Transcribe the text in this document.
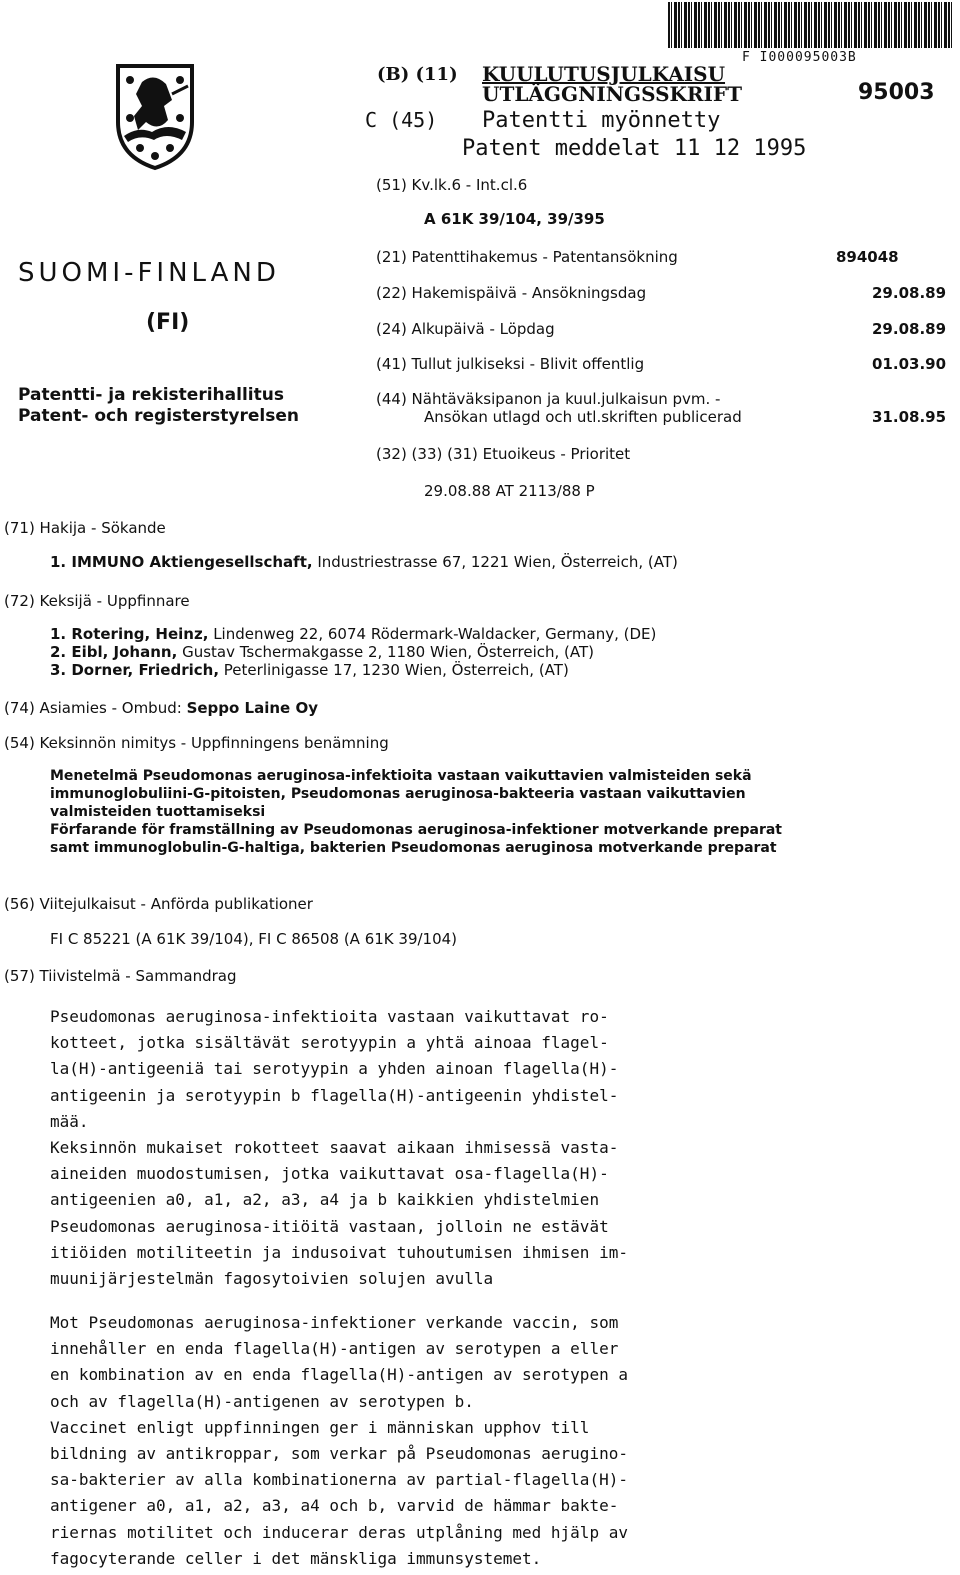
F I000095003B
(B) (11) KUULUTUSJULKAISU
UTLÄGGNINGSSKRIFT	95003
C (45) Patentti myönnetty
Patent meddelat 11 12 1995
(51) Kv.lk.6 - Int.cl.6
A 61K 39/104, 39/395
SUOMI-FINLAND
(FI)
Patentti- ja rekisterihallitus
Patent- och registerstyrelsen
(21) Patenttihakemus - Patentansökning	894048
(22) Hakemispäivä - Ansökningsdag	29.08.89
(24) Alkupäivä - Löpdag	29.08.89
(41) Tullut julkiseksi - Blivit offentlig	01.03.90
(44) Nähtäväksipanon ja kuul.julkaisun pvm. -
Ansökan utlagd och utl.skriften publicerad	31.08.95
(32) (33) (31) Etuoikeus - Prioritet
29.08.88 AT 2113/88 P
(71) Hakija - Sökande
1. IMMUNO Aktiengesellschaft, Industriestrasse 67, 1221 Wien, Österreich, (AT)
(72) Keksijä - Uppfinnare
1. Rotering, Heinz, Lindenweg 22, 6074 Rödermark-Waldacker, Germany, (DE)
2. Eibl, Johann, Gustav Tschermakgasse 2, 1180 Wien, Österreich, (AT)
3. Dorner, Friedrich, Peterlinigasse 17, 1230 Wien, Österreich, (AT)
(74) Asiamies - Ombud: Seppo Laine Oy
(54) Keksinnön nimitys - Uppfinningens benämning
Menetelmä Pseudomonas aeruginosa-infektioita vastaan vaikuttavien valmisteiden sekä
immunoglobuliini-G-pitoisten, Pseudomonas aeruginosa-bakteeria vastaan vaikuttavien
valmisteiden tuottamiseksi
Förfarande för framställning av Pseudomonas aeruginosa-infektioner motverkande preparat
samt immunoglobulin-G-haltiga, bakterien Pseudomonas aeruginosa motverkande preparat
(56) Viitejulkaisut - Anförda publikationer
FI C 85221 (A 61K 39/104), FI C 86508 (A 61K 39/104)
(57) Tiivistelmä - Sammandrag
Pseudomonas aeruginosa-infektioita vastaan vaikuttavat ro-
kotteet, jotka sisältävät serotyypin a yhtä ainoaa flagel-
la(H)-antigeeniä tai serotyypin a yhden ainoan flagella(H)-
antigeenin ja serotyypin b flagella(H)-antigeenin yhdistel-
mää.
Keksinnön mukaiset rokotteet saavat aikaan ihmisessä vasta-
aineiden muodostumisen, jotka vaikuttavat osa-flagella(H)-
antigeenien a0, a1, a2, a3, a4 ja b kaikkien yhdistelmien
Pseudomonas aeruginosa-itiöitä vastaan, jolloin ne estävät
itiöiden motiliteetin ja indusoivat tuhoutumisen ihmisen im-
muunijärjestelmän fagosytoivien solujen avulla
Mot Pseudomonas aeruginosa-infektioner verkande vaccin, som
innehåller en enda flagella(H)-antigen av serotypen a eller
en kombination av en enda flagella(H)-antigen av serotypen a
och av flagella(H)-antigenen av serotypen b.
Vaccinet enligt uppfinningen ger i människan upphov till
bildning av antikroppar, som verkar på Pseudomonas aerugino-
sa-bakterier av alla kombinationerna av partial-flagella(H)-
antigener a0, a1, a2, a3, a4 och b, varvid de hämmar bakte-
riernas motilitet och inducerar deras utplåning med hjälp av
fagocyterande celler i det mänskliga immunsystemet.
